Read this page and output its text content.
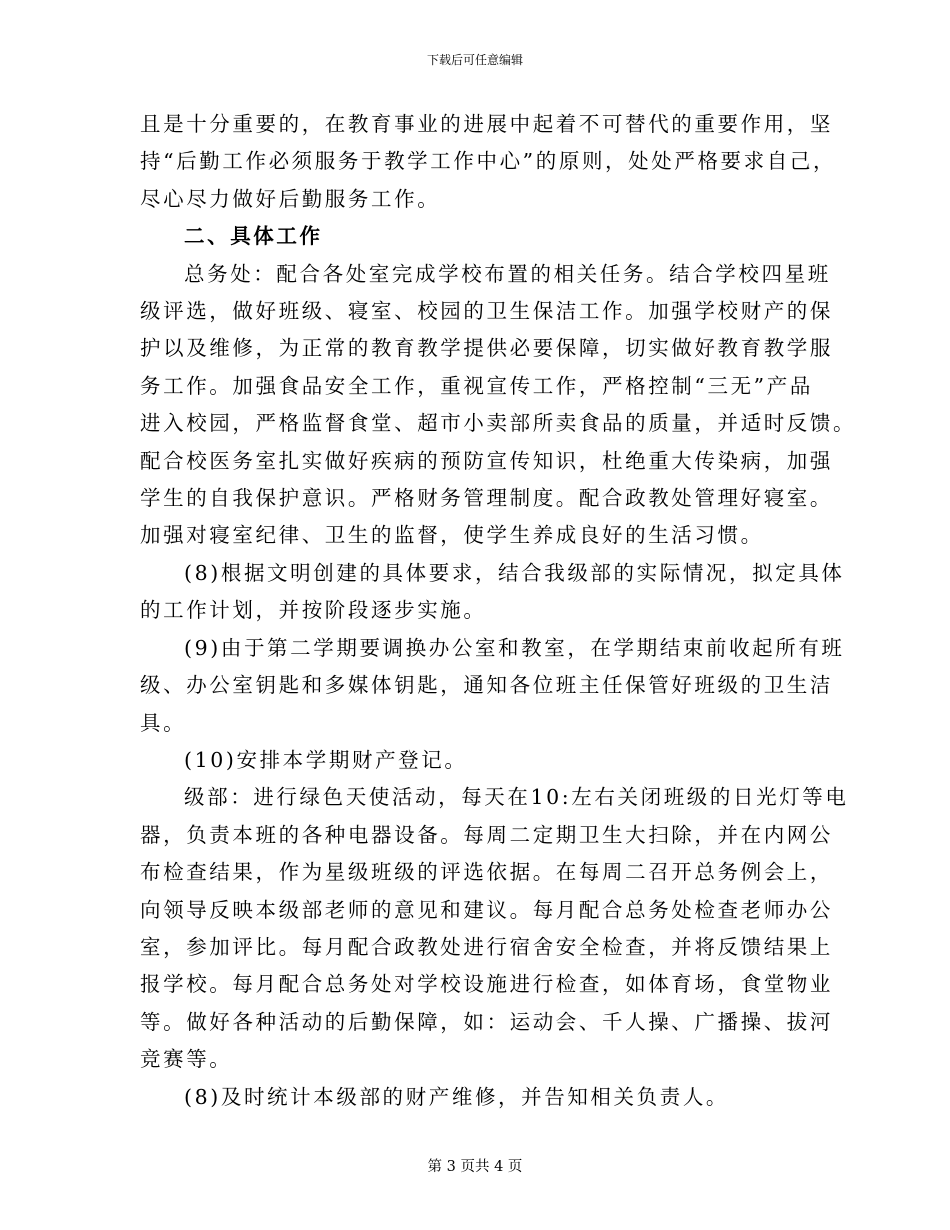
下载后可任意编辑

且是十分重要的，在教育事业的进展中起着不可替代的重要作用，坚

持“后勤工作必须服务于教学工作中心”的原则，处处严格要求自己，

尽心尽力做好后勤服务工作。

二、具体工作

总务处：配合各处室完成学校布置的相关任务。结合学校四星班

级评选，做好班级、寝室、校园的卫生保洁工作。加强学校财产的保

护以及维修，为正常的教育教学提供必要保障，切实做好教育教学服

务工作。加强食品安全工作，重视宣传工作，严格控制“三无”产品

进入校园，严格监督食堂、超市小卖部所卖食品的质量，并适时反馈。

配合校医务室扎实做好疾病的预防宣传知识，杜绝重大传染病，加强

学生的自我保护意识。严格财务管理制度。配合政教处管理好寝室。

加强对寝室纪律、卫生的监督，使学生养成良好的生活习惯。

(8)根据文明创建的具体要求，结合我级部的实际情况，拟定具体

的工作计划，并按阶段逐步实施。

(9)由于第二学期要调换办公室和教室，在学期结束前收起所有班

级、办公室钥匙和多媒体钥匙，通知各位班主任保管好班级的卫生洁

具。

(10)安排本学期财产登记。

级部：进行绿色天使活动，每天在10:左右关闭班级的日光灯等电

器，负责本班的各种电器设备。每周二定期卫生大扫除，并在内网公

布检查结果，作为星级班级的评选依据。在每周二召开总务例会上，

向领导反映本级部老师的意见和建议。每月配合总务处检查老师办公

室，参加评比。每月配合政教处进行宿舍安全检查，并将反馈结果上

报学校。每月配合总务处对学校设施进行检查，如体育场，食堂物业

等。做好各种活动的后勤保障，如：运动会、千人操、广播操、拔河

竞赛等。

(8)及时统计本级部的财产维修，并告知相关负责人。

第 3 页共 4 页
